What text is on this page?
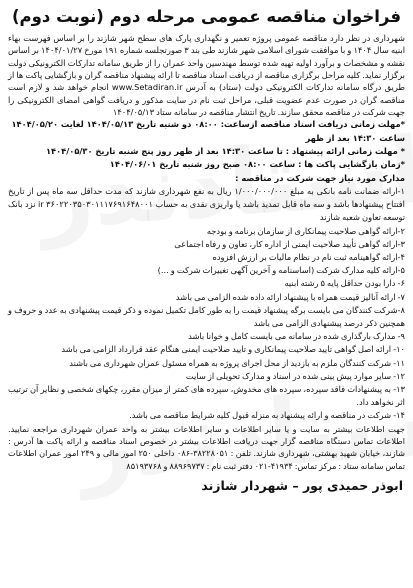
فراخوان مناقصه عمومی مرحله دوم (نوبت دوم)

شهرداری در نظر دارد مناقصه عمومی پروژه تعمیر و نگهداری پارک های سطح شهر شازند را بر اساس فهرست بهاء ابنیه سال ۱۴۰۴ و با موافقت شورای اسلامی شهر شازند طی بند ۳ صورتجلسه شماره ۱۹۱ مورخ ۱۴۰۴/۰۱/۲۷ بر اساس نقشه و مشخصات و برآورد اولیه تهیه شده توسط مهندسین واحد عمران را از طریق سامانه تدارکات الکترونیکی دولت برگزار نماید. کلیه مراحل برگزاری مناقصه از دریافت اسناد مناقصه تا ارائه پیشنهاد مناقصه گران و بازگشایی پاکت ها از طریق درگاه سامانه تدارکات الکترونیکی دولت (ستاد) به آدرس www.Setadiran.ir انجام خواهد شد و لازم است مناقصه گران در صورت عدم عضویت قبلی، مراحل ثبت نام در سایت مذکور و دریافت گواهی امضای الکترونیکی را جهت شرکت در مناقصه محقق سازند. تاریخ انتشار مناقصه در سامانه ستاد ۱۴۰۴/۰۵/۱۳

*مهلت زمانی دریافت اسناد مناقصه ازساعت: ۰۸:۰۰ دو شنبه تاریخ ۱۴۰۴/۰۵/۱۳ لغایت ۱۴۰۴/۰۵/۲۰

ساعت ۱۴:۳۰ بعد از ظهر

* مهلت زمانی ارائه پیشنهاد : تا ساعت ۱۴:۳۰ بعد از ظهر روز پنج شنبه تاریخ ۱۴۰۴/۰۵/۳۰

*زمان بازگشایی پاکت ها : ساعت ۰۸:۰۰ صبح روز شنبه تاریخ ۱۴۰۴/۰۶/۰۱

مدارک مورد نیاز جهت شرکت در مناقصه :

۱-ارائه ضمانت نامه بانکی به مبلغ ۱/۰۰۰/۰۰۰/۰۰۰ ریال به نفع شهرداری شازند که مدت حداقل سه ماه پس از تاریخ افتتاح پیشنهادها باشد و سه ماه قابل تمدید باشد یا واریزی نقدی به حساب ir ۳۶۰۲۲۰۳۵۰۳۰۱۱۱۷۶۹۱۶۴۸۰۰۱ نزد بانک توسعه تعاون شعبه شازند

۲-ارائه گواهی صلاحیت پیمانکاری از سازمان برنامه و بودجه

۳-ارائه گواهی تأیید صلاحیت ایمنی از اداره کار، تعاون و رفاه اجتماعی

۴-ارائه گواهینامه ثبت نام در نظام مالیات بر ارزش افزوده

۵-ارائه کلیه مدارک شرکت (اساسنامه و آخرین آگهی تغییرات شرکت و ...)

۶- دارا بودن حداقل پایه ۵ رشته ابنیه

۷- ارائه آنالیز قیمت همراه با پیشنهاد ارائه داده شده الزامی می باشد

۸-شرکت کنندگان می بایست برگه پیشنهاد قیمت را به طور کامل تکمیل نموده و ذکر قیمت پیشنهادی به عدد و حروف و همچنین ذکر درصد پیشنهادی الزامی می باشد

۹- مدارک بارگذاری شده در سامانه می بایست کامل و خوانا باشد

۱۰- ارائه اصل گواهی تایید صلاحیت پیمانکاری و تایید صلاحیت ایمنی هنگام عقد قرارداد الزامی می باشد

۱۱- شرکت کنندگان ملزم به بازدید از محل اجرای پروژه به همراه مسئول عمران شهرداری می باشند

۱۲- سایر موارد پیش بینی شده در اسناد و مدارک تحویلی از سایت

۱۳- به پیشنهادات فاقد سپرده، سپرده های مخدوش، سپرده های کمتر از میزان مقرر، چکهای شخصی و نظایر آن ترتیب اثر نخواهد داد.

۱۴- شرکت در مناقصه و ارائه پیشنهاد به منزله قبول کلیه شرایط مناقصه می باشد.

جهت اطلاعات بیشتر به سایت و یا سایر اطلاعات و سایر اطلاعات بیشتر به واحد عمران شهرداری مراجعه نمایید. اطلاعات تماس دستگاه مناقصه گزار جهت دریافت اطلاعات بیشتر در خصوص اسناد مناقصه و ارائه پاکت ها آدرس : شازند، خیابان شهید بهشتی، شهرداری شازند. تلفن : ۳۸۲۲۸۰۵۱-۰۸۶ داخلی ۲۵۰ امور مالی و ۲۴۹ امور عمران اطلاعات تماس سامانه ستاد : مرکز تماس: ۴۱۹۳۴-۰۲۱ دفتر ثبت نام : ۸۸۹۶۹۷۳۷ و ۸۵۱۹۳۷۶۸

ابوذر حمیدی پور – شهردار شازند
